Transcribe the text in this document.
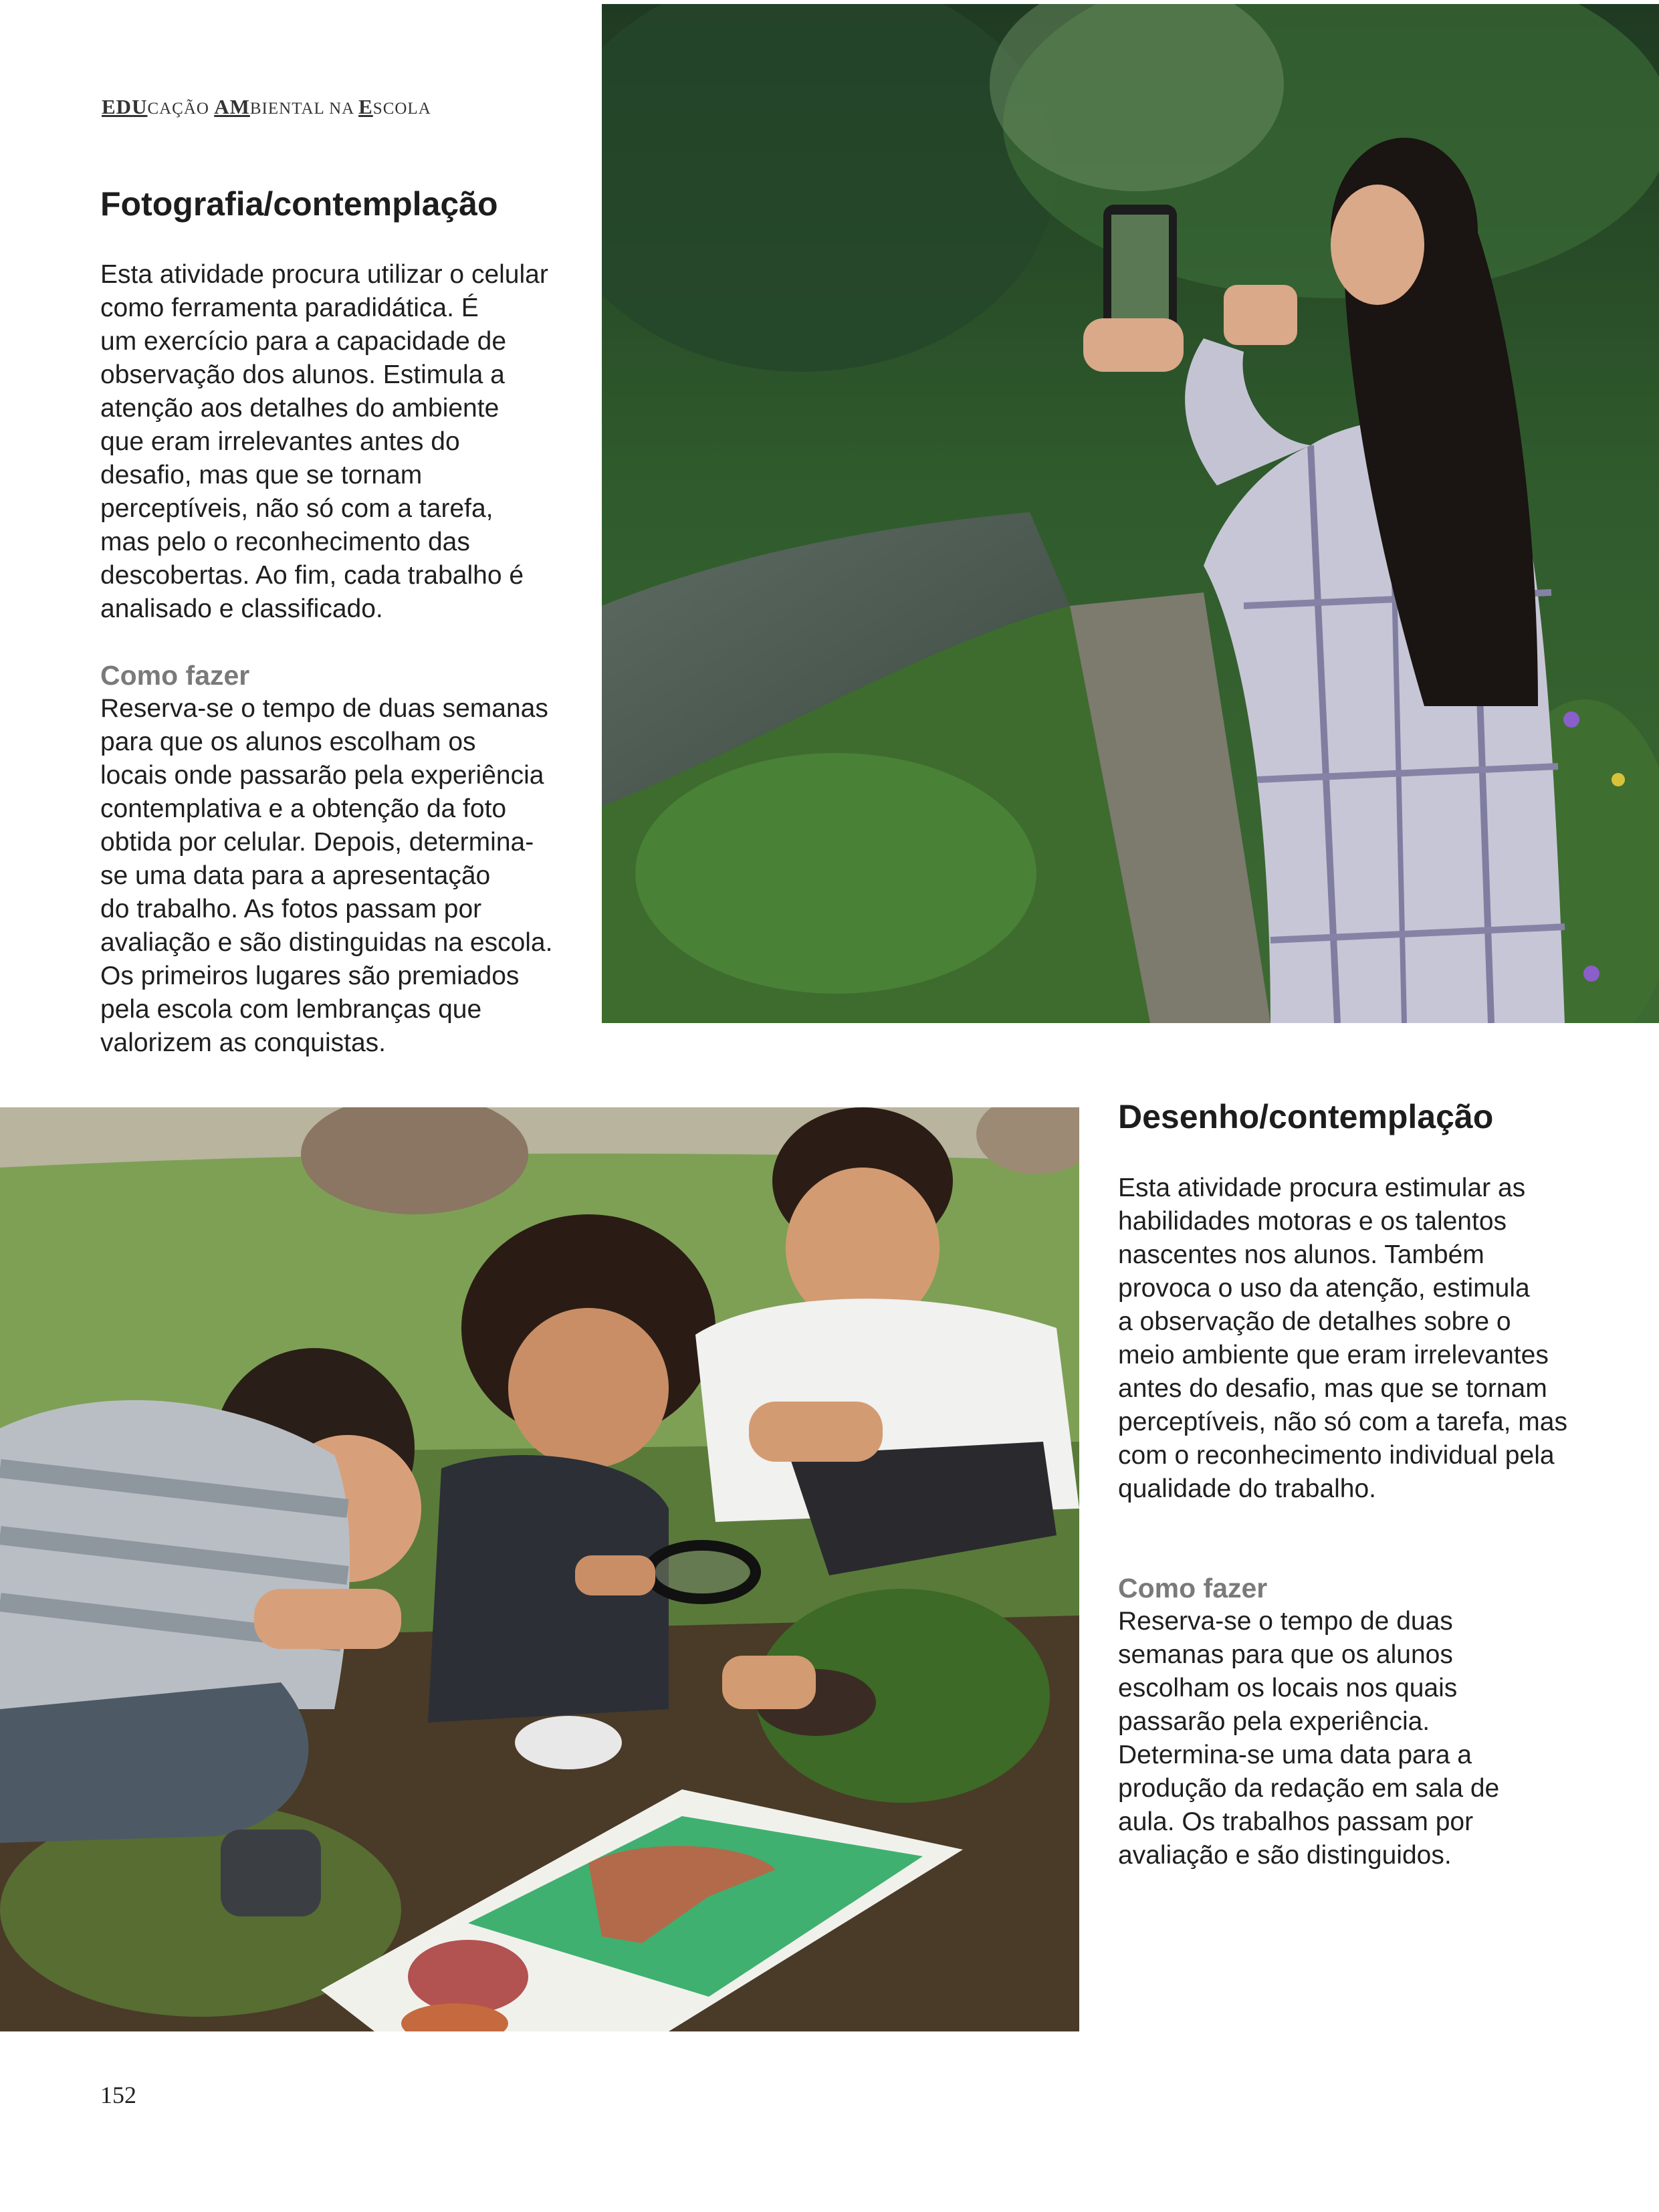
EDUCAÇÃO AMBIENTAL NA ESCOLA
Fotografia/contemplação

Esta atividade procura utilizar o celular
como ferramenta paradidática. É
um exercício para a capacidade de
observação dos alunos. Estimula a
atenção aos detalhes do ambiente
que eram irrelevantes antes do
desafio, mas que se tornam
perceptíveis, não só com a tarefa,
mas pelo o reconhecimento das
descobertas. Ao fim, cada trabalho é
analisado e classificado.

Como fazer

Reserva-se o tempo de duas semanas
para que os alunos escolham os
locais onde passarão pela experiência
contemplativa e a obtenção da foto
obtida por celular. Depois, determina-
se uma data para a apresentação
do trabalho. As fotos passam por
avaliação e são distinguidas na escola.
Os primeiros lugares são premiados
pela escola com lembranças que
valorizem as conquistas.

Desenho/contemplação

Esta atividade procura estimular as
habilidades motoras e os talentos
nascentes nos alunos. Também
provoca o uso da atenção, estimula
a observação de detalhes sobre o
meio ambiente que eram irrelevantes
antes do desafio, mas que se tornam
perceptíveis, não só com a tarefa, mas
com o reconhecimento individual pela
qualidade do trabalho.

Como fazer

Reserva-se o tempo de duas
semanas para que os alunos
escolham os locais nos quais
passarão pela experiência.
Determina-se uma data para a
produção da redação em sala de
aula. Os trabalhos passam por
avaliação e são distinguidos.

152
